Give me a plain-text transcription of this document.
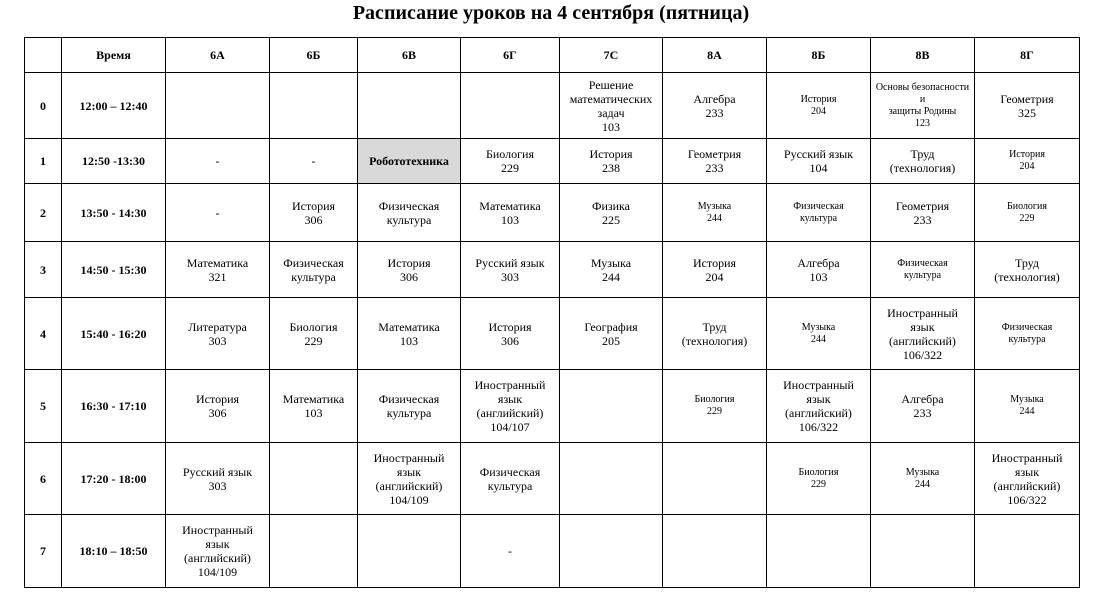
Расписание уроков на 4 сентября (пятница)
	Время	6А	6Б	6В	6Г	7С	8А	8Б	8В	8Г
0	12:00 – 12:40					Решение математических
задач
103	Алгебра
233	История
204	Основы безопасности и
защиты Родины
123	Геометрия
325

1	12:50 -13:30	-	-	Робототехника	Биология
229	История
238	Геометрия
233	Русский язык
104	Труд
(технология)	История
204

2	13:50 - 14:30	-	История
306	Физическая
культура	Математика
103	Физика
225	Музыка
244	Физическая
культура	Геометрия
233	Биология
229

3	14:50 - 15:30	Математика
321	Физическая
культура	История
306	Русский язык
303	Музыка
244	История
204	Алгебра
103	Физическая
культура	Труд
(технология)

4	15:40 - 16:20	Литература
303	Биология
229	Математика
103	История
306	География
205	Труд
(технология)	Музыка
244	Иностранный
язык
(английский)
106/322	Физическая
культура

5	16:30 - 17:10	История
306	Математика
103	Физическая
культура	Иностранный
язык
(английский)
104/107		Биология
229	Иностранный
язык
(английский)
106/322	Алгебра
233	Музыка
244

6	17:20 - 18:00	Русский язык
303		Иностранный
язык
(английский)
104/109	Физическая
культура			Биология
229	Музыка
244	Иностранный
язык
(английский)
106/322

7	18:10 – 18:50	Иностранный
язык
(английский)
104/109			-					
